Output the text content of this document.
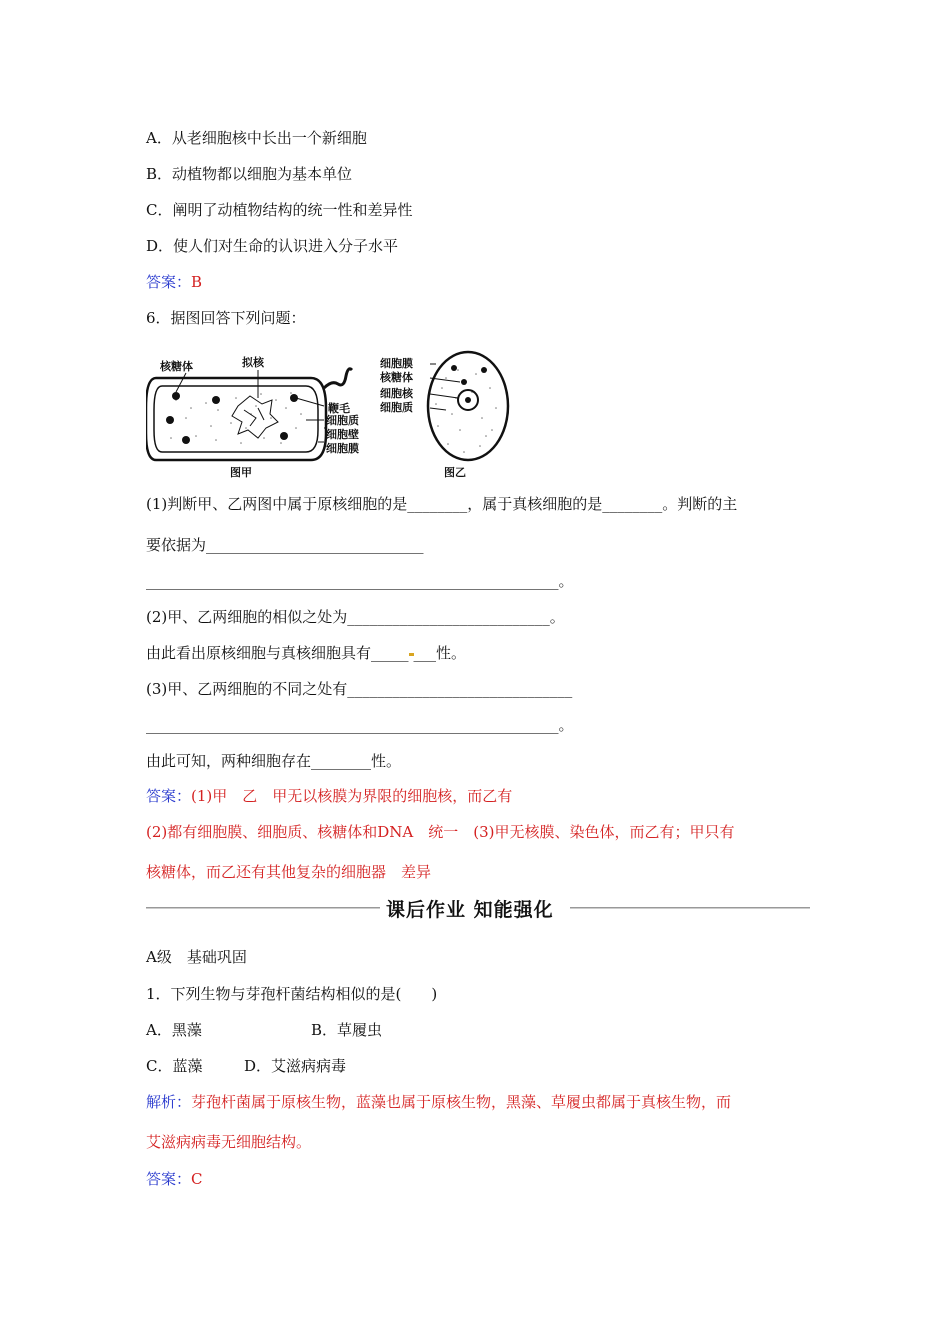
A．从老细胞核中长出一个新细胞
B．动植物都以细胞为基本单位
C．阐明了动植物结构的统一性和差异性
D．使人们对生命的认识进入分子水平
答案：B
6．据图回答下列问题：
核糖体	拟核
鞭毛
细胞质
细胞壁
细胞膜
图甲
细胞膜
核糖体
细胞核
细胞质
图乙
(1)判断甲、乙两图中属于原核细胞的是________，属于真核细胞的是________。判断的主
要依据为_____________________________
_______________________________________________________。
(2)甲、乙两细胞的相似之处为___________________________。
由此看出原核细胞与真核细胞具有_____ ___性。
(3)甲、乙两细胞的不同之处有______________________________
_______________________________________________________。
由此可知，两种细胞存在________性。
答案：(1)甲　乙　甲无以核膜为界限的细胞核，而乙有
(2)都有细胞膜、细胞质、核糖体和DNA　统一　(3)甲无核膜、染色体，而乙有；甲只有
核糖体，而乙还有其他复杂的细胞器　差异
课后作业 知能强化
A级　基础巩固
1．下列生物与芽孢杆菌结构相似的是(　　)
A．黑藻	B．草履虫
C．蓝藻	D．艾滋病病毒
解析：芽孢杆菌属于原核生物，蓝藻也属于原核生物，黑藻、草履虫都属于真核生物，而
艾滋病病毒无细胞结构。
答案：C
